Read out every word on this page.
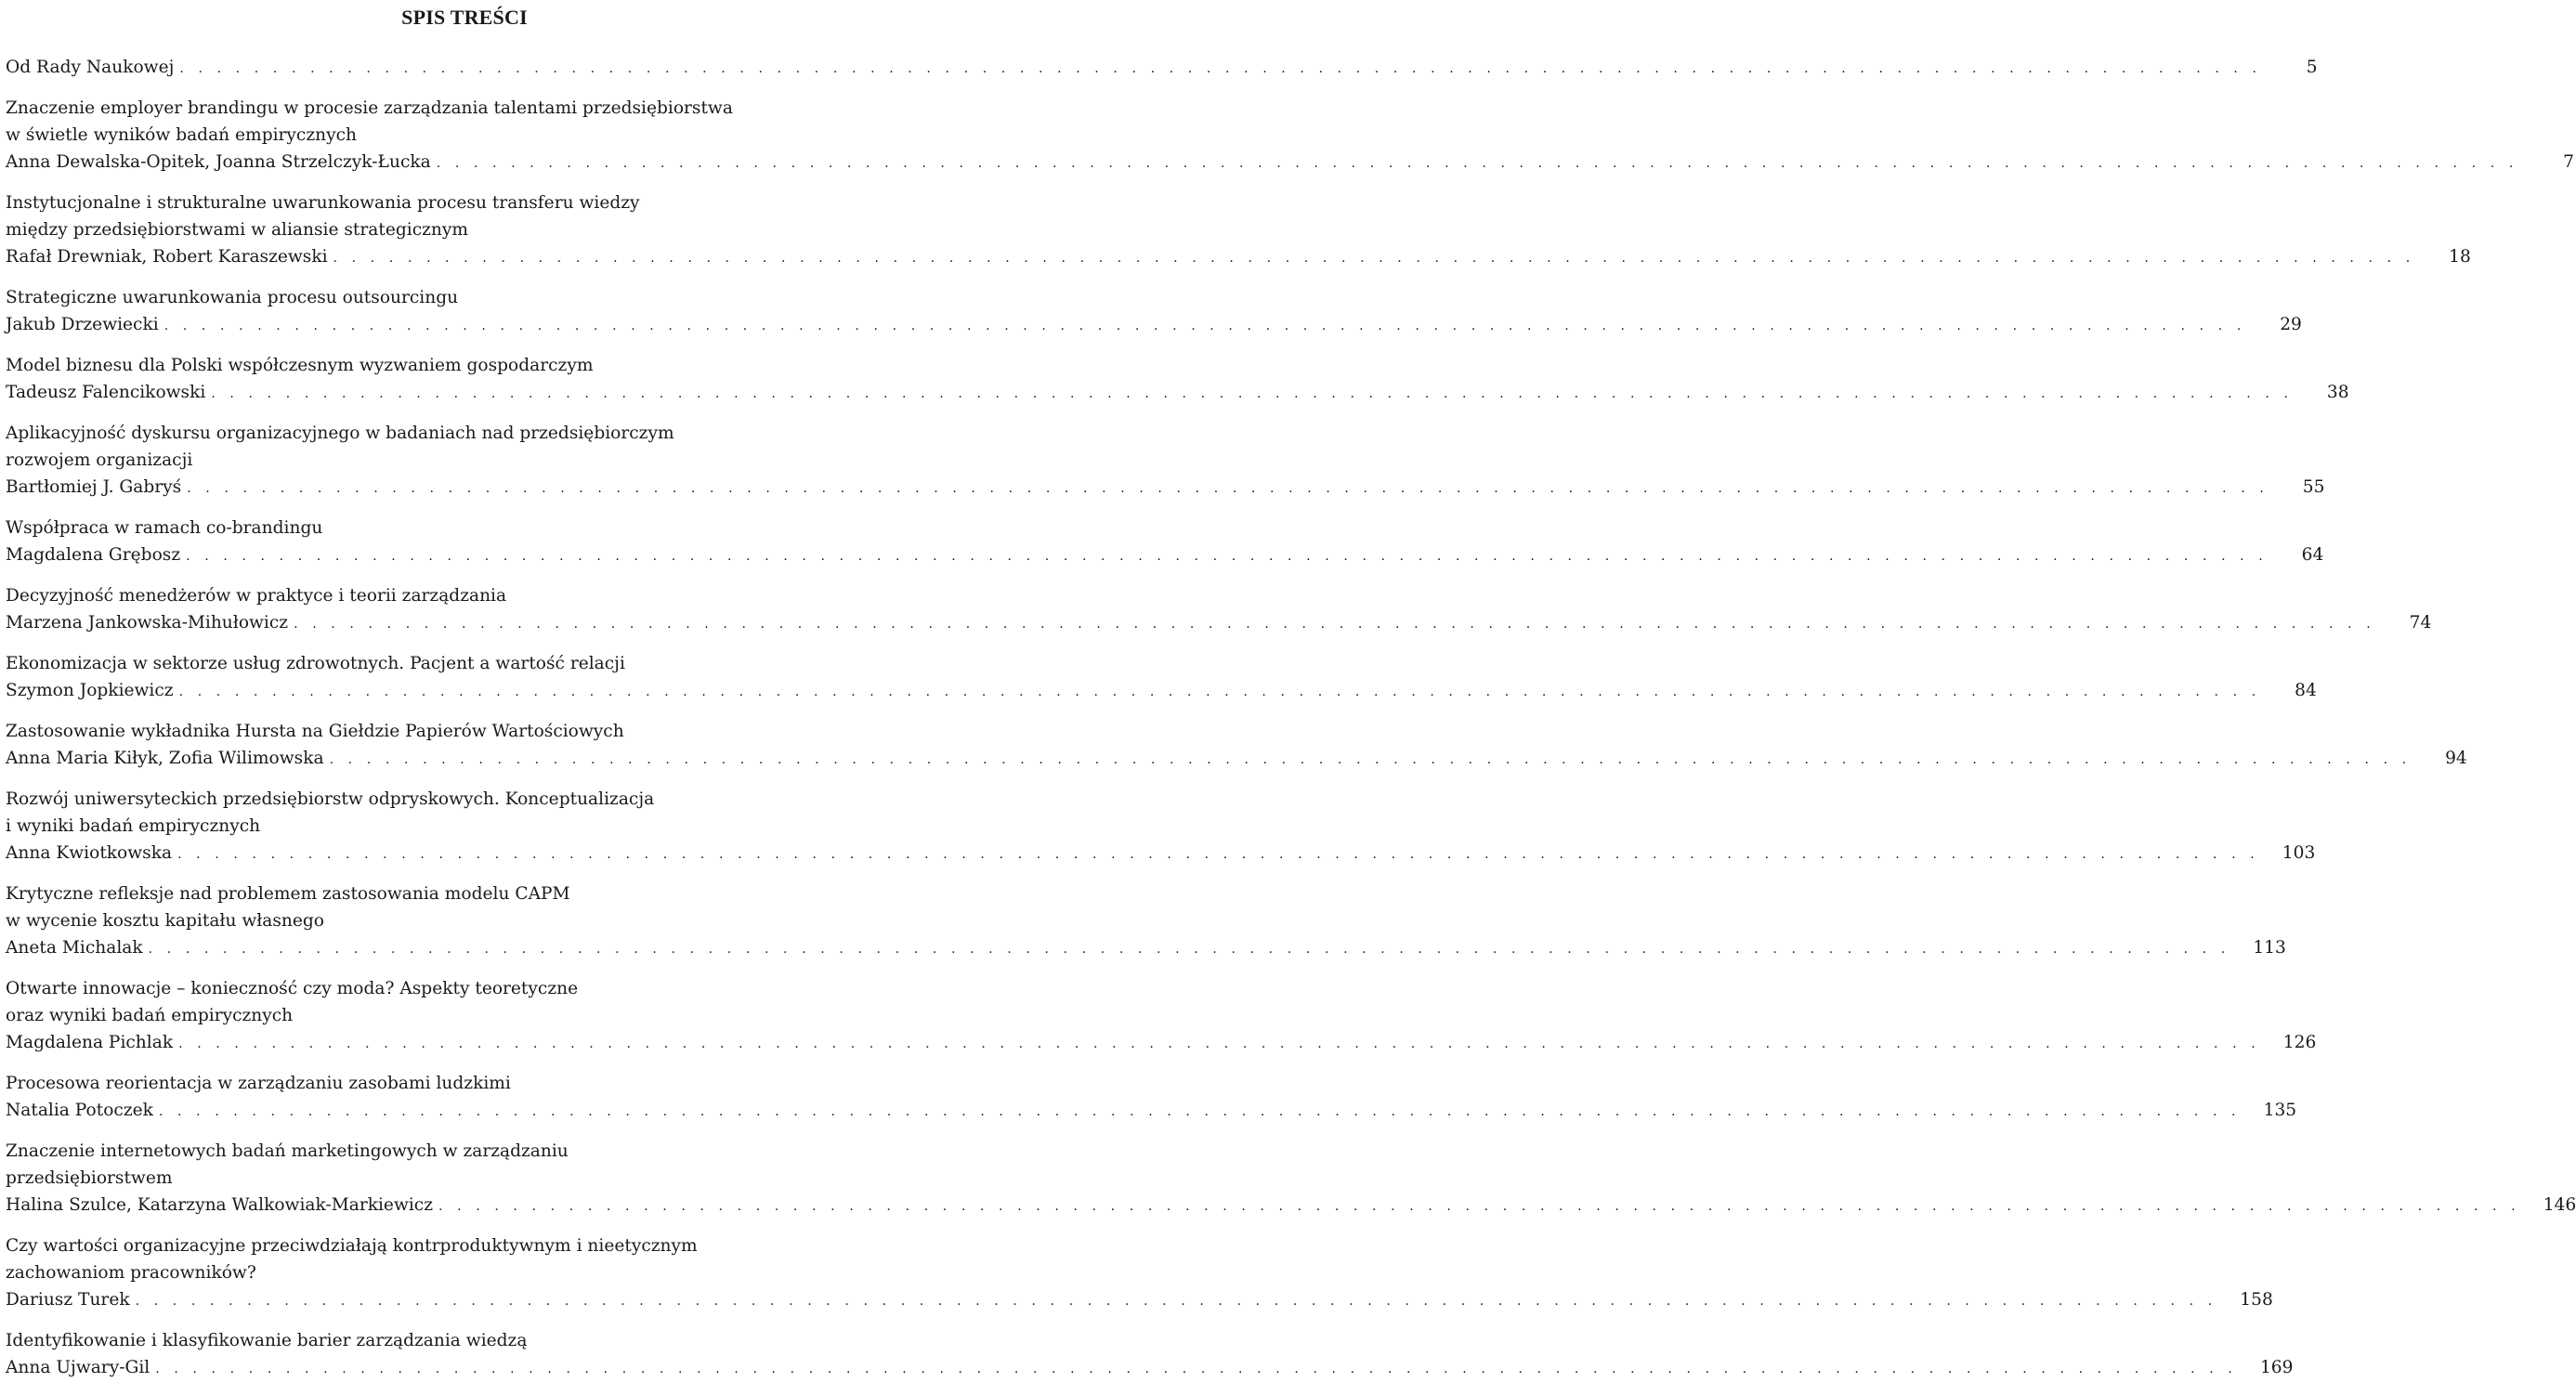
SPIS TREŚCI
Od Rady Naukowej . . . . . . . . . . . . . . . . . . . . . . . . . . . . . . . . . . . . . . . . . . . . . . . . . . . . . . . . . . . . . . . . . . . . . . . . . . . . . . . . . . . . . . . . . . . . . . . . . . . . . . . . . . . . . . . .	5
Znaczenie employer brandingu w procesie zarządzania talentami przedsiębiorstwa
w świetle wyników badań empirycznych
Anna Dewalska-Opitek, Joanna Strzelczyk-Łucka . . . . . . . . . . . . . . . . . . . . . . . . . . . . . . . . . . . . . . . . . . . . . . . . . . . . . . . . . . . . . . . . . . . . . . . . . . . . . . . . . . . . . . . . . . . . . . . . . . . . . . . . . . . . . . . .	7
Instytucjonalne i strukturalne uwarunkowania procesu transferu wiedzy
między przedsiębiorstwami w aliansie strategicznym
Rafał Drewniak, Robert Karaszewski . . . . . . . . . . . . . . . . . . . . . . . . . . . . . . . . . . . . . . . . . . . . . . . . . . . . . . . . . . . . . . . . . . . . . . . . . . . . . . . . . . . . . . . . . . . . . . . . . . . . . . . . . . . . . . . .	18
Strategiczne uwarunkowania procesu outsourcingu
Jakub Drzewiecki . . . . . . . . . . . . . . . . . . . . . . . . . . . . . . . . . . . . . . . . . . . . . . . . . . . . . . . . . . . . . . . . . . . . . . . . . . . . . . . . . . . . . . . . . . . . . . . . . . . . . . . . . . . . . . . .	29
Model biznesu dla Polski współczesnym wyzwaniem gospodarczym
Tadeusz Falencikowski . . . . . . . . . . . . . . . . . . . . . . . . . . . . . . . . . . . . . . . . . . . . . . . . . . . . . . . . . . . . . . . . . . . . . . . . . . . . . . . . . . . . . . . . . . . . . . . . . . . . . . . . . . . . . . . .	38
Aplikacyjność dyskursu organizacyjnego w badaniach nad przedsiębiorczym
rozwojem organizacji
Bartłomiej J. Gabryś . . . . . . . . . . . . . . . . . . . . . . . . . . . . . . . . . . . . . . . . . . . . . . . . . . . . . . . . . . . . . . . . . . . . . . . . . . . . . . . . . . . . . . . . . . . . . . . . . . . . . . . . . . . . . . . .	55
Współpraca w ramach co-brandingu
Magdalena Grębosz . . . . . . . . . . . . . . . . . . . . . . . . . . . . . . . . . . . . . . . . . . . . . . . . . . . . . . . . . . . . . . . . . . . . . . . . . . . . . . . . . . . . . . . . . . . . . . . . . . . . . . . . . . . . . . . .	64
Decyzyjność menedżerów w praktyce i teorii zarządzania
Marzena Jankowska-Mihułowicz . . . . . . . . . . . . . . . . . . . . . . . . . . . . . . . . . . . . . . . . . . . . . . . . . . . . . . . . . . . . . . . . . . . . . . . . . . . . . . . . . . . . . . . . . . . . . . . . . . . . . . . . . . . . . . . .	74
Ekonomizacja w sektorze usług zdrowotnych. Pacjent a wartość relacji
Szymon Jopkiewicz . . . . . . . . . . . . . . . . . . . . . . . . . . . . . . . . . . . . . . . . . . . . . . . . . . . . . . . . . . . . . . . . . . . . . . . . . . . . . . . . . . . . . . . . . . . . . . . . . . . . . . . . . . . . . . . .	84
Zastosowanie wykładnika Hursta na Giełdzie Papierów Wartościowych
Anna Maria Kiłyk, Zofia Wilimowska . . . . . . . . . . . . . . . . . . . . . . . . . . . . . . . . . . . . . . . . . . . . . . . . . . . . . . . . . . . . . . . . . . . . . . . . . . . . . . . . . . . . . . . . . . . . . . . . . . . . . . . . . . . . . . . .	94
Rozwój uniwersyteckich przedsiębiorstw odpryskowych. Konceptualizacja
i wyniki badań empirycznych
Anna Kwiotkowska . . . . . . . . . . . . . . . . . . . . . . . . . . . . . . . . . . . . . . . . . . . . . . . . . . . . . . . . . . . . . . . . . . . . . . . . . . . . . . . . . . . . . . . . . . . . . . . . . . . . . . . . . . . . . . . .	103
Krytyczne refleksje nad problemem zastosowania modelu CAPM
w wycenie kosztu kapitału własnego
Aneta Michalak . . . . . . . . . . . . . . . . . . . . . . . . . . . . . . . . . . . . . . . . . . . . . . . . . . . . . . . . . . . . . . . . . . . . . . . . . . . . . . . . . . . . . . . . . . . . . . . . . . . . . . . . . . . . . . . .	113
Otwarte innowacje – konieczność czy moda? Aspekty teoretyczne
oraz wyniki badań empirycznych
Magdalena Pichlak . . . . . . . . . . . . . . . . . . . . . . . . . . . . . . . . . . . . . . . . . . . . . . . . . . . . . . . . . . . . . . . . . . . . . . . . . . . . . . . . . . . . . . . . . . . . . . . . . . . . . . . . . . . . . . . .	126
Procesowa reorientacja w zarządzaniu zasobami ludzkimi
Natalia Potoczek . . . . . . . . . . . . . . . . . . . . . . . . . . . . . . . . . . . . . . . . . . . . . . . . . . . . . . . . . . . . . . . . . . . . . . . . . . . . . . . . . . . . . . . . . . . . . . . . . . . . . . . . . . . . . . . .	135
Znaczenie internetowych badań marketingowych w zarządzaniu
przedsiębiorstwem
Halina Szulce, Katarzyna Walkowiak-Markiewicz . . . . . . . . . . . . . . . . . . . . . . . . . . . . . . . . . . . . . . . . . . . . . . . . . . . . . . . . . . . . . . . . . . . . . . . . . . . . . . . . . . . . . . . . . . . . . . . . . . . . . . . . . . . . . . . .	146
Czy wartości organizacyjne przeciwdziałają kontrproduktywnym i nieetycznym
zachowaniom pracowników?
Dariusz Turek . . . . . . . . . . . . . . . . . . . . . . . . . . . . . . . . . . . . . . . . . . . . . . . . . . . . . . . . . . . . . . . . . . . . . . . . . . . . . . . . . . . . . . . . . . . . . . . . . . . . . . . . . . . . . . . .	158
Identyfikowanie i klasyfikowanie barier zarządzania wiedzą
Anna Ujwary-Gil . . . . . . . . . . . . . . . . . . . . . . . . . . . . . . . . . . . . . . . . . . . . . . . . . . . . . . . . . . . . . . . . . . . . . . . . . . . . . . . . . . . . . . . . . . . . . . . . . . . . . . . . . . . . . . . .	169
